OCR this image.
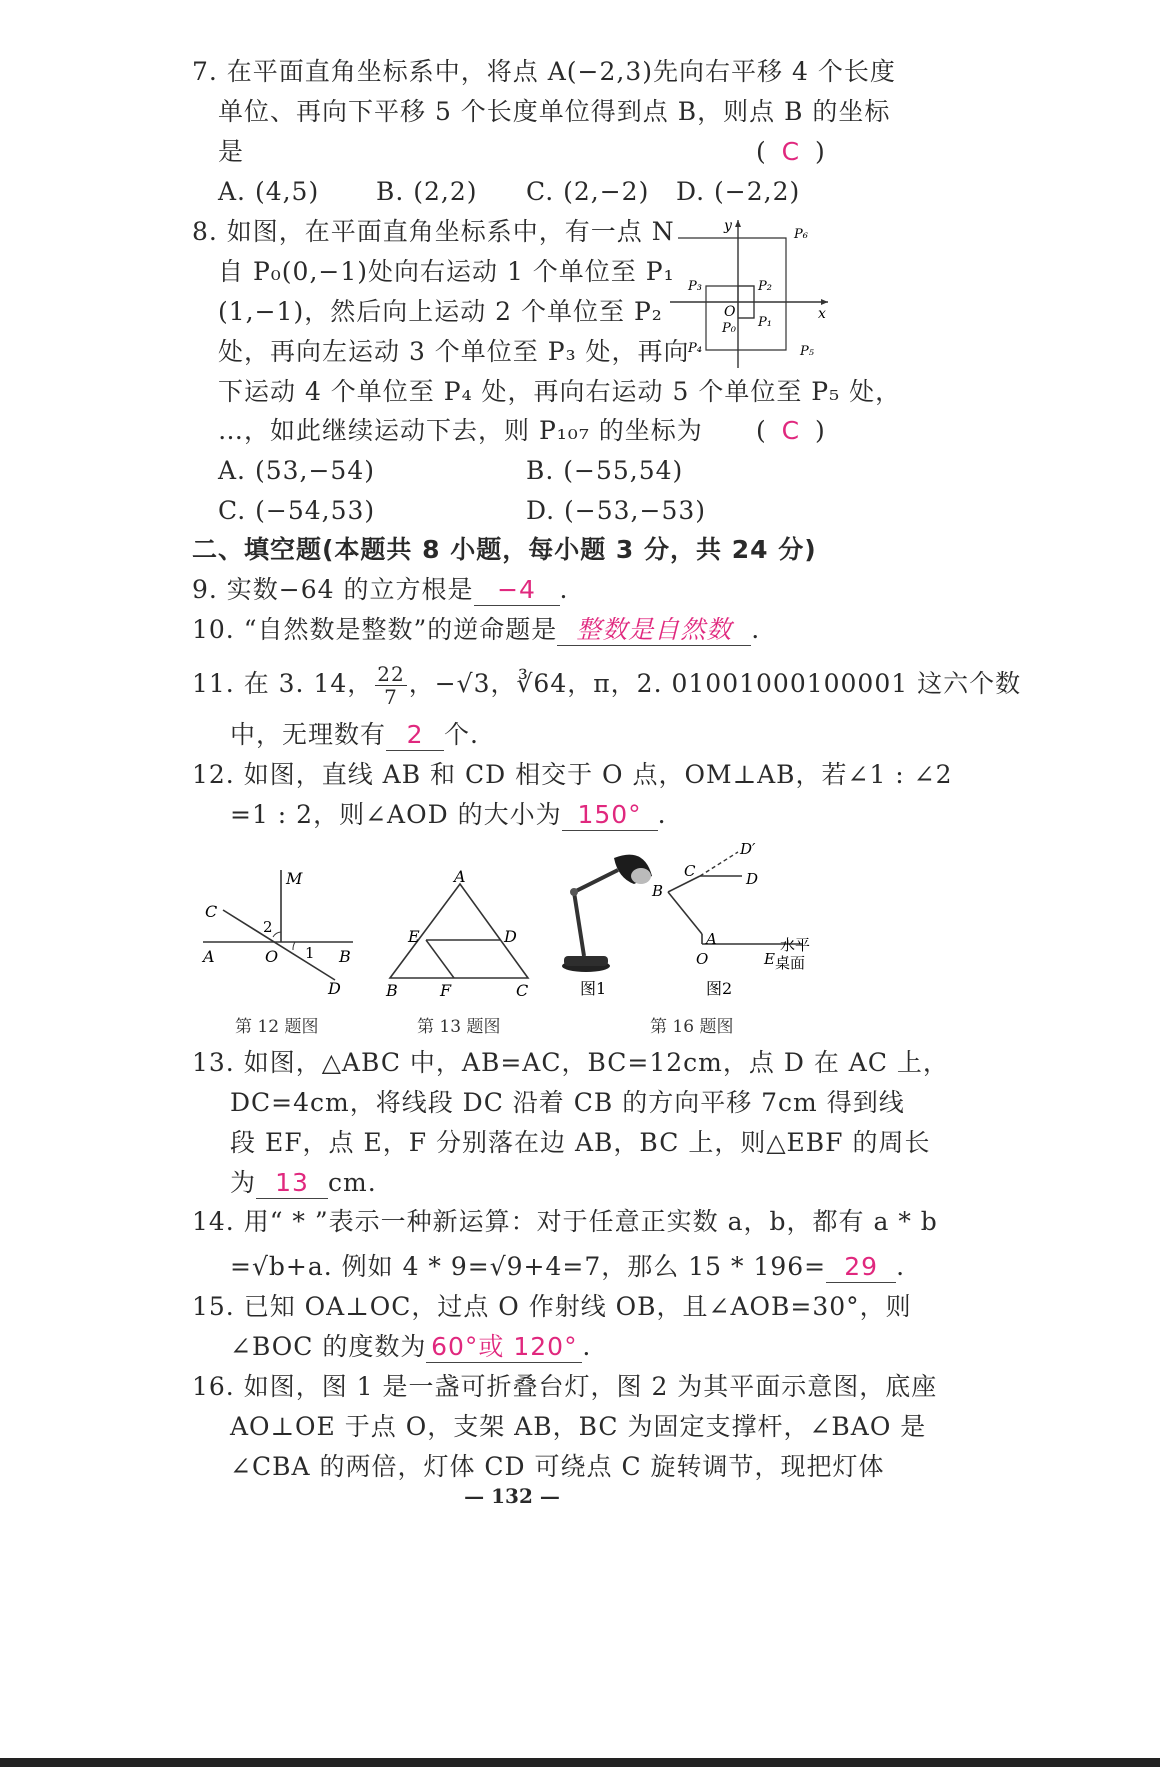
7. 在平面直角坐标系中，将点 A(−2,3)先向右平移 4 个长度
单位、再向下平移 5 个长度单位得到点 B，则点 B 的坐标
是	(  C  )
A. (4,5) B. (2,2) C. (2,−2) D. (−2,2)
8. 如图，在平面直角坐标系中，有一点 N
自 P₀(0,−1)处向右运动 1 个单位至 P₁
(1,−1)，然后向上运动 2 个单位至 P₂
处，再向左运动 3 个单位至 P₃ 处，再向
下运动 4 个单位至 P₄ 处，再向右运动 5 个单位至 P₅ 处，
…，如此继续运动下去，则 P₁₀₇ 的坐标为 (  C  )
A. (53,−54)	B. (−55,54)
C. (−54,53)	D. (−53,−53)
y
x
O
P₀ P₁
P₂
P₃
P₄	P₅
P₆
二、填空题(本题共 8 小题，每小题 3 分，共 24 分)
9. 实数−64 的立方根是 −4 .
10. “自然数是整数”的逆命题是 整数是自然数 .
11. 在 3. 14， $\frac{22}{7}$ ，−√3，∛64，π，2. 01001000100001 这六个数
中，无理数有 2 个.
12. 如图，直线 AB 和 CD 相交于 O 点，OM⊥AB，若∠1 : ∠2
=1 : 2，则∠AOD 的大小为 150° .
M
C
2
A	O 1 B
D
第 12 题图
A
E	D
B	F	C
第 13 题图
图1
D′
C	D
B
A
O	E
水平
桌面
图2
第 16 题图
13. 如图，△ABC 中，AB=AC，BC=12cm，点 D 在 AC 上，
DC=4cm，将线段 DC 沿着 CB 的方向平移 7cm 得到线
段 EF，点 E，F 分别落在边 AB，BC 上，则△EBF 的周长
为 13 cm.
14. 用“ * ”表示一种新运算：对于任意正实数 a，b，都有 a * b
=√b+a. 例如 4 * 9=√9+4=7，那么 15 * 196= 29 .
15. 已知 OA⊥OC，过点 O 作射线 OB，且∠AOB=30°，则
∠BOC 的度数为 60°或 120° .
16. 如图，图 1 是一盏可折叠台灯，图 2 为其平面示意图，底座
AO⊥OE 于点 O，支架 AB，BC 为固定支撑杆，∠BAO 是
∠CBA 的两倍，灯体 CD 可绕点 C 旋转调节，现把灯体
— 132 —
